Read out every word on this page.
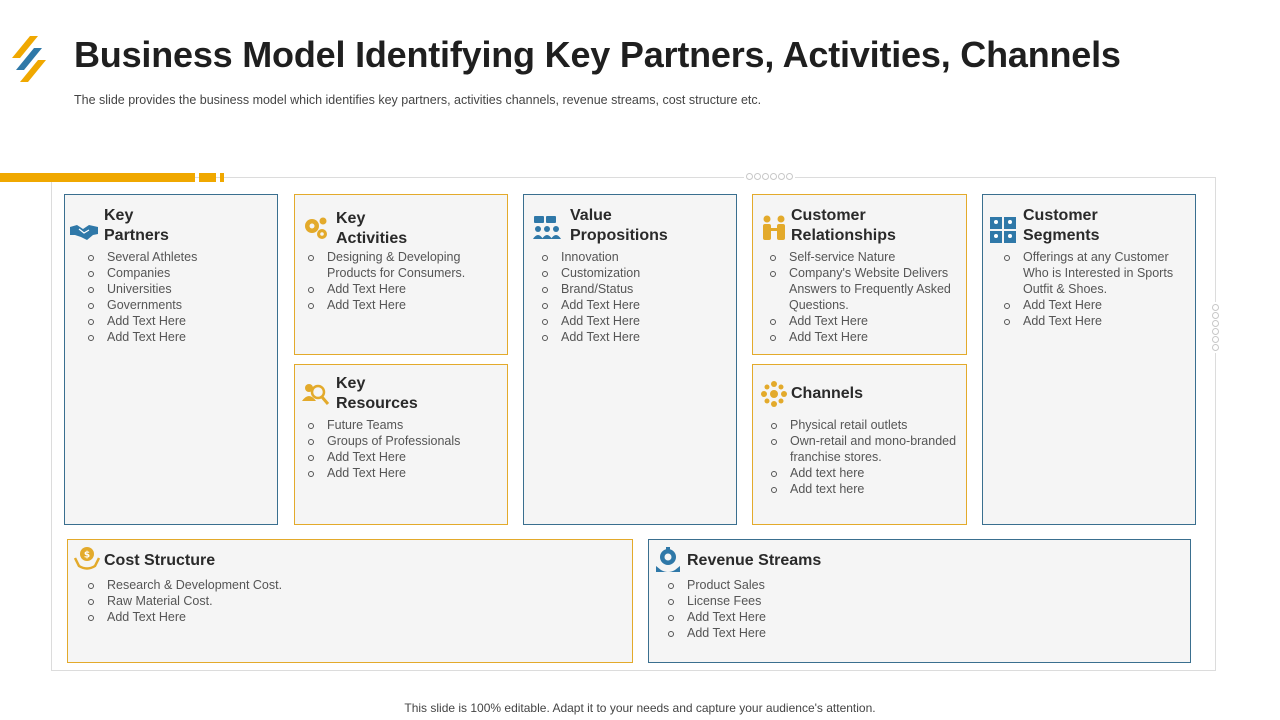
Business Model Identifying Key Partners, Activities, Channels
The slide provides the business model which identifies key partners, activities channels, revenue streams, cost structure etc.
Key
Partners
Several Athletes
Companies
Universities
Governments
Add Text Here
Add Text Here
Key
Activities
Designing & Developing Products for Consumers.
Add Text Here
Add Text Here
Key
Resources
Future Teams
Groups of Professionals
Add Text Here
Add Text Here
Value
Propositions
Innovation
Customization
Brand/Status
Add Text Here
Add Text Here
Add Text Here
Customer
Relationships
Self-service Nature
Company's Website Delivers Answers to Frequently Asked Questions.
Add Text Here
Add Text Here
Channels
Physical retail outlets
Own-retail and mono-branded franchise stores.
Add text here
Add text here
Customer
Segments
Offerings at any Customer Who is Interested in Sports Outfit & Shoes.
Add Text Here
Add Text Here
$ Cost Structure
Research & Development Cost.
Raw Material Cost.
Add Text Here
Revenue Streams
Product Sales
License Fees
Add Text Here
Add Text Here
This slide is 100% editable. Adapt it to your needs and capture your audience's attention.
